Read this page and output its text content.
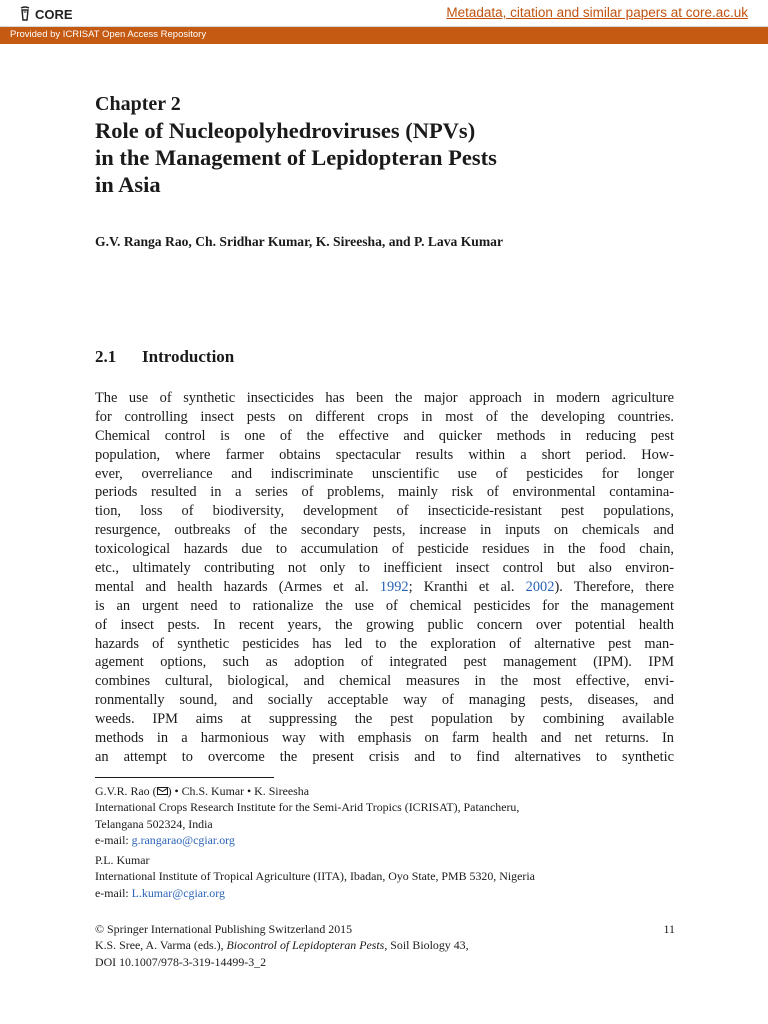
CORE	Metadata, citation and similar papers at core.ac.uk
Provided by ICRISAT Open Access Repository
Chapter 2
Role of Nucleopolyhedroviruses (NPVs)
in the Management of Lepidopteran Pests
in Asia
G.V. Ranga Rao, Ch. Sridhar Kumar, K. Sireesha, and P. Lava Kumar
2.1 Introduction
The use of synthetic insecticides has been the major approach in modern agriculture
for controlling insect pests on different crops in most of the developing countries.
Chemical control is one of the effective and quicker methods in reducing pest
population, where farmer obtains spectacular results within a short period. How-
ever, overreliance and indiscriminate unscientific use of pesticides for longer
periods resulted in a series of problems, mainly risk of environmental contamina-
tion, loss of biodiversity, development of insecticide-resistant pest populations,
resurgence, outbreaks of the secondary pests, increase in inputs on chemicals and
toxicological hazards due to accumulation of pesticide residues in the food chain,
etc., ultimately contributing not only to inefficient insect control but also environ-
mental and health hazards (Armes et al. 1992; Kranthi et al. 2002). Therefore, there
is an urgent need to rationalize the use of chemical pesticides for the management
of insect pests. In recent years, the growing public concern over potential health
hazards of synthetic pesticides has led to the exploration of alternative pest man-
agement options, such as adoption of integrated pest management (IPM). IPM
combines cultural, biological, and chemical measures in the most effective, envi-
ronmentally sound, and socially acceptable way of managing pests, diseases, and
weeds. IPM aims at suppressing the pest population by combining available
methods in a harmonious way with emphasis on farm health and net returns. In
an attempt to overcome the present crisis and to find alternatives to synthetic
G.V.R. Rao ( ) • Ch.S. Kumar • K. Sireesha
International Crops Research Institute for the Semi-Arid Tropics (ICRISAT), Patancheru,
Telangana 502324, India
e-mail: g.rangarao@cgiar.org
P.L. Kumar
International Institute of Tropical Agriculture (IITA), Ibadan, Oyo State, PMB 5320, Nigeria
e-mail: L.kumar@cgiar.org
© Springer International Publishing Switzerland 2015	11
K.S. Sree, A. Varma (eds.), Biocontrol of Lepidopteran Pests, Soil Biology 43,
DOI 10.1007/978-3-319-14499-3_2
